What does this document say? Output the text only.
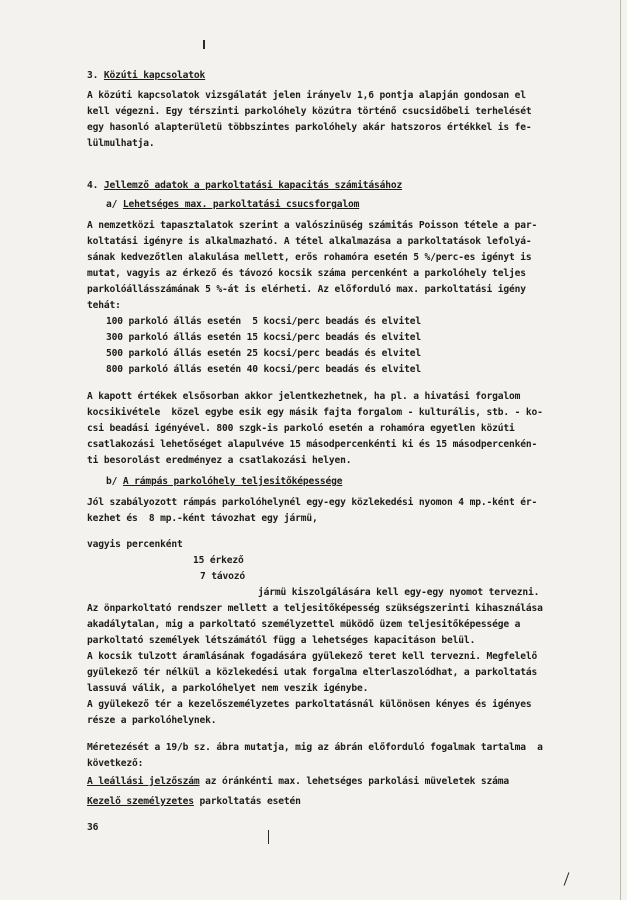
3. Közúti kapcsolatok
A közúti kapcsolatok vizsgálatát jelen irányelv 1,6 pontja alapján gondosan el
kell végezni. Egy térszinti parkolóhely közútra történő csucsidőbeli terhelését
egy hasonló alapterületü többszintes parkolóhely akár hatszoros értékkel is fe-
lülmulhatja.
4. Jellemző adatok a parkoltatási kapacitás számitásához
a/ Lehetséges max. parkoltatási csucsforgalom
A nemzetközi tapasztalatok szerint a valószinüség számitás Poisson tétele a par-
koltatási igényre is alkalmazható. A tétel alkalmazása a parkoltatások lefolyá-
sának kedvezőtlen alakulása mellett, erős rohamóra esetén 5 %/perc-es igényt is
mutat, vagyis az érkező és távozó kocsik száma percenként a parkolóhely teljes
parkolóállásszámának 5 %-át is elérheti. Az előforduló max. parkoltatási igény
tehát:
100 parkoló állás esetén  5 kocsi/perc beadás és elvitel
300 parkoló állás esetén 15 kocsi/perc beadás és elvitel
500 parkoló állás esetén 25 kocsi/perc beadás és elvitel
800 parkoló állás esetén 40 kocsi/perc beadás és elvitel
A kapott értékek elsősorban akkor jelentkezhetnek, ha pl. a hivatási forgalom
kocsikivétele  közel egybe esik egy másik fajta forgalom - kulturális, stb. - ko-
csi beadási igényével. 800 szgk-is parkoló esetén a rohamóra egyetlen közúti
csatlakozási lehetőséget alapulvéve 15 másodpercenkénti ki és 15 másodpercenkén-
ti besorolást eredményez a csatlakozási helyen.
b/ A rámpás parkolóhely teljesitőképessége
Jól szabályozott rámpás parkolóhelynél egy-egy közlekedési nyomon 4 mp.-ként ér-
kezhet és  8 mp.-ként távozhat egy jármü,
vagyis percenként
15 érkező
7 távozó
jármü kiszolgálására kell egy-egy nyomot tervezni.
Az önparkoltató rendszer mellett a teljesitőképesség szükségszerinti kihasználása
akadálytalan, mig a parkoltató személyzettel müködő üzem teljesitőképessége a
parkoltató személyek létszámától függ a lehetséges kapacitáson belül.
A kocsik tulzott áramlásának fogadására gyülekező teret kell tervezni. Megfelelő
gyülekező tér nélkül a közlekedési utak forgalma elterlaszolódhat, a parkoltatás
lassuvá válik, a parkolóhelyet nem veszik igénybe.
A gyülekező tér a kezelőszemélyzetes parkoltatásnál különösen kényes és igényes
része a parkolóhelynek.
Méretezését a 19/b sz. ábra mutatja, mig az ábrán előforduló fogalmak tartalma  a
következő:
A leállási jelzőszám az óránkénti max. lehetséges parkolási müveletek száma
Kezelő személyzetes parkoltatás esetén
36
